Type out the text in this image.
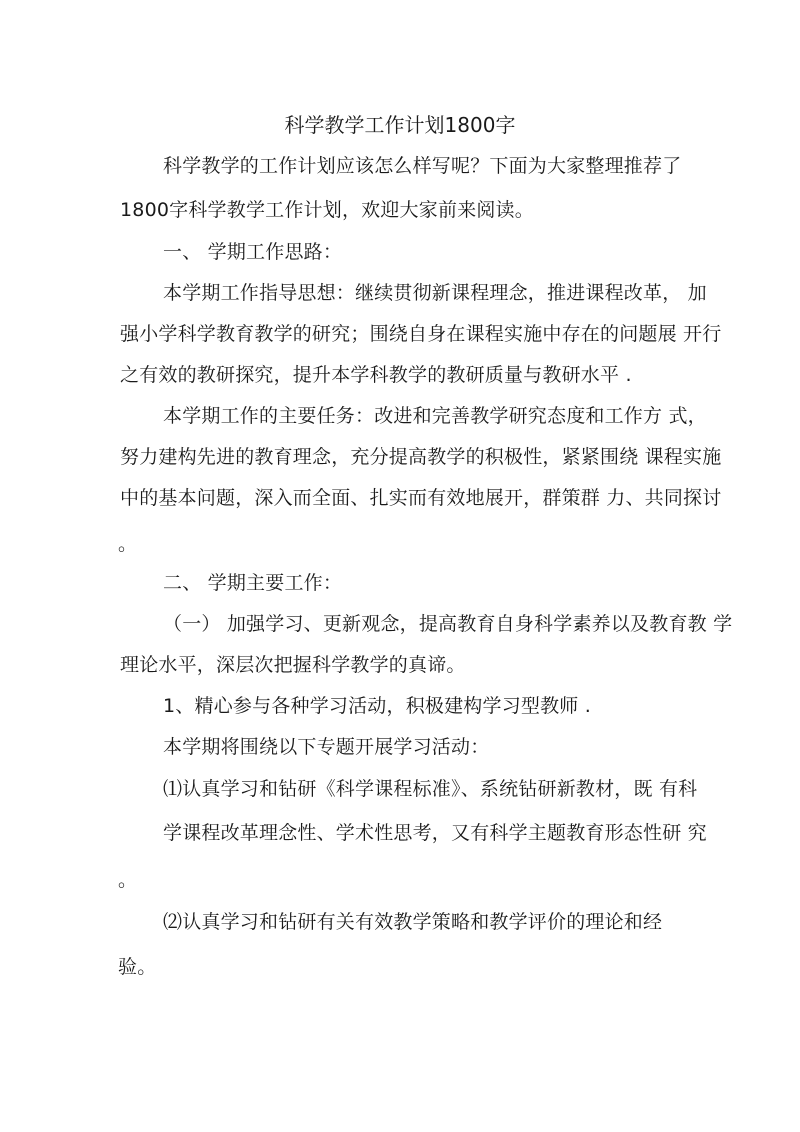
科学教学工作计划1800字
科学教学的工作计划应该怎么样写呢？下面为大家整理推荐了
1800字科学教学工作计划，欢迎大家前来阅读。
一、 学期工作思路：
本学期工作指导思想：继续贯彻新课程理念，推进课程改革， 加
强小学科学教育教学的研究；围绕自身在课程实施中存在的问题展 开行
之有效的教研探究，提升本学科教学的教研质量与教研水平 .
本学期工作的主要任务：改进和完善教学研究态度和工作方 式，
努力建构先进的教育理念，充分提高教学的积极性，紧紧围绕 课程实施
中的基本问题，深入而全面、扎实而有效地展开，群策群 力、共同探讨
。
二、 学期主要工作：
（一） 加强学习、更新观念，提高教育自身科学素养以及教育教 学
理论水平，深层次把握科学教学的真谛。
1、精心参与各种学习活动，积极建构学习型教师 .
本学期将围绕以下专题开展学习活动：
⑴认真学习和钻研《科学课程标准》、系统钻研新教材，既 有科
学课程改革理念性、学术性思考，又有科学主题教育形态性研 究
。
⑵认真学习和钻研有关有效教学策略和教学评价的理论和经
验。
